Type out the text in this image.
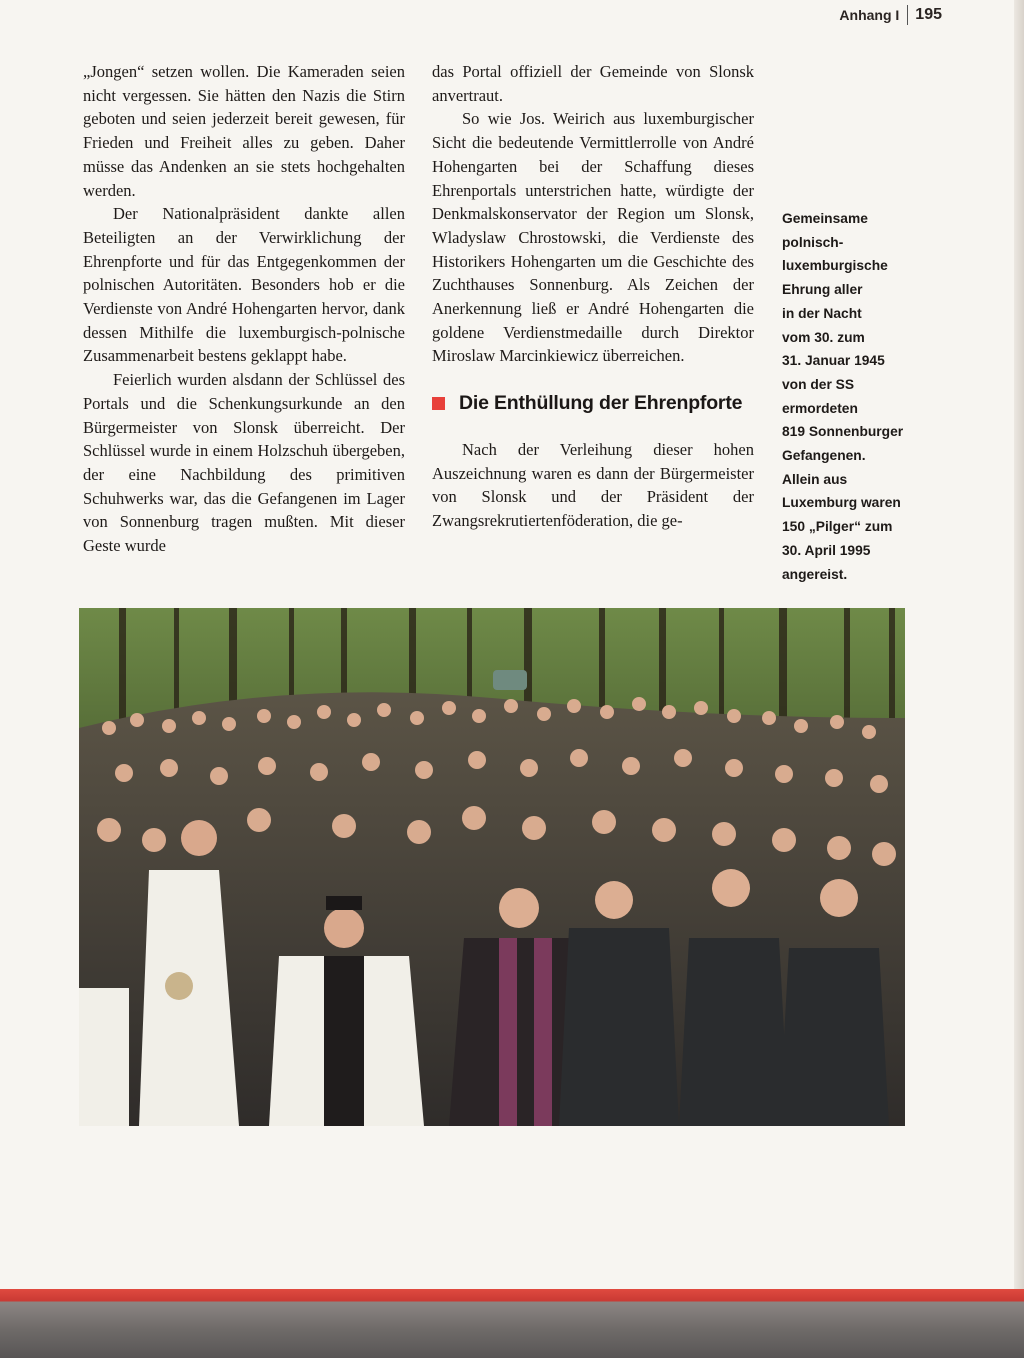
Anhang I 195

„Jongen“ setzen wollen. Die Kameraden seien nicht vergessen. Sie hätten den Nazis die Stirn geboten und seien jederzeit bereit gewesen, für Frieden und Freiheit alles zu geben. Daher müsse das Andenken an sie stets hochgehalten werden.

Der Nationalpräsident dankte allen Beteiligten an der Verwirklichung der Ehrenpforte und für das Entgegenkommen der polnischen Autoritäten. Besonders hob er die Verdienste von André Hohengarten hervor, dank dessen Mithilfe die luxemburgisch-polnische Zusammenarbeit bestens geklappt habe.

Feierlich wurden alsdann der Schlüssel des Portals und die Schenkungsurkunde an den Bürgermeister von Slonsk überreicht. Der Schlüssel wurde in einem Holzschuh übergeben, der eine Nachbildung des primitiven Schuhwerks war, das die Gefangenen im Lager von Sonnenburg tragen mußten. Mit dieser Geste wurde

das Portal offiziell der Gemeinde von Slonsk anvertraut.

So wie Jos. Weirich aus luxemburgischer Sicht die bedeutende Vermittlerrolle von André Hohengarten bei der Schaffung dieses Ehrenportals unterstrichen hatte, würdigte der Denkmalskonservator der Region um Slonsk, Wladyslaw Chrostowski, die Verdienste des Historikers Hohengarten um die Geschichte des Zuchthauses Sonnenburg. Als Zeichen der Anerkennung ließ er André Hohengarten die goldene Verdienstmedaille durch Direktor Miroslaw Marcinkiewicz überreichen.

Die Enthüllung der Ehrenpforte

Nach der Verleihung dieser hohen Auszeichnung waren es dann der Bürgermeister von Slonsk und der Präsident der Zwangsrekrutiertenföderation, die ge-

Gemeinsame
polnisch-
luxemburgische
Ehrung aller
in der Nacht
vom 30. zum
31. Januar 1945
von der SS
ermordeten
819 Sonnenburger
Gefangenen.
Allein aus
Luxemburg waren
150 „Pilger“ zum
30. April 1995
angereist.
